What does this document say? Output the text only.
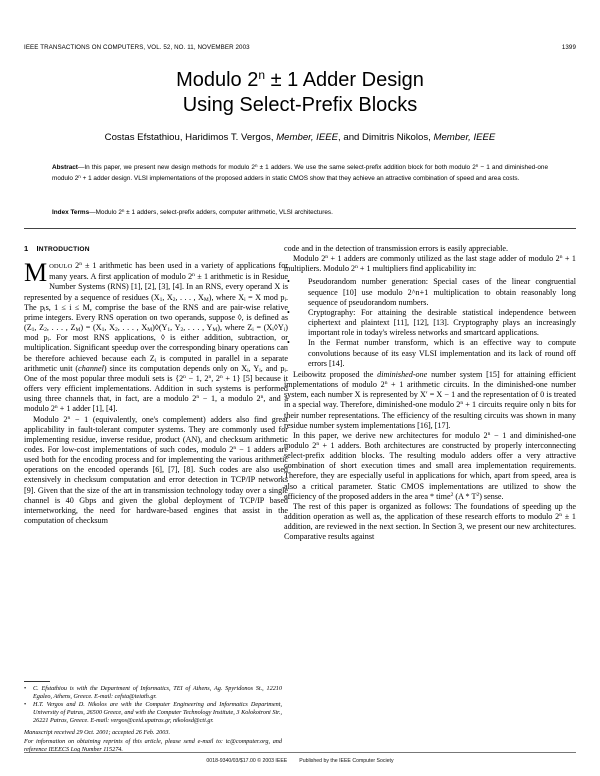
IEEE TRANSACTIONS ON COMPUTERS, VOL. 52, NO. 11, NOVEMBER 2003	1399
Modulo $2^n \pm 1$ Adder Design
Using Select-Prefix Blocks
Costas Efstathiou, Haridimos T. Vergos, Member, IEEE, and Dimitris Nikolos, Member, IEEE
Abstract—In this paper, we present new design methods for modulo $2^n \pm 1$ adders. We use the same select-prefix addition block for both modulo $2^n - 1$ and diminished-one modulo $2^n + 1$ adder design. VLSI implementations of the proposed adders in static CMOS show that they achieve an attractive combination of speed and area costs.
Index Terms—Modulo $2^n \pm 1$ adders, select-prefix adders, computer arithmetic, VLSI architectures.
1 INTRODUCTION

MODULO $2^n \pm 1$ arithmetic has been used in a variety of applications for many years. A first application of modulo $2^n \pm 1$ arithmetic is in Residue Number Systems (RNS) [1], [2], [3], [4]. In an RNS, every operand X is represented by a sequence of residues ($X_1$, $X_2$, . . . , $X_M$), where $X_i = X$ mod $p_i$. The $p_is$, 1 ≤ i ≤ M, comprise the base of the RNS and are pair-wise relative prime integers. Every RNS operation on two operands, suppose ◊, is defined as ($Z_1$, $Z_2$, . . . , $Z_M) = (X_1$, $X_2$, . . . , $X_M)◊(Y_1$, $Y_2$, . . . , $Y_M$), where $Z_i$ = $(X_i◊Y_i)$ mod $p_i$. For most RNS applications, ◊ is either addition, subtraction, or multiplication. Significant speedup over the corresponding binary operations can be therefore achieved because each $Z_i$ is computed in parallel in a separate arithmetic unit (channel) since its computation depends only on $X_i$, $Y_i$, and $p_i$. One of the most popular three moduli sets is {$2^n - 1$, 2$^n$, $2^n + 1$} [5] because it offers very efficient implementations. Addition in such systems is performed using three channels that, in fact, are a modulo $2^n - 1$, a modulo 2$^n$, and a modulo $2^n + 1$ adder [1], [4].

Modulo $2^n - 1$ (equivalently, one's complement) adders also find great applicability in fault-tolerant computer systems. They are commonly used for implementing residue, inverse residue, product (AN), and checksum arithmetic codes. For low-cost implementations of such codes, modulo $2^n - 1$ adders are used both for the encoding process and for implementing the various arithmetic operations on the encoded operands [6], [7], [8]. Such codes are also used extensively in checksum computation and error detection in TCP/IP networks [9]. Given that the size of the art in transmission technology today over a single channel is 40 Gbps and given the global deployment of TCP/IP based internetworking, the need for hardware-based engines that assist in the computation of checksum

code and in the detection of transmission errors is easily appreciable.

Modulo $2^n + 1$ adders are commonly utilized as the last stage adder of modulo $2^n + 1$ multipliers. Modulo $2^n + 1$ multipliers find applicability in:

• Pseudorandom number generation: Special cases of the linear congruential sequence [10] use modulo 2^n+1 multiplication to obtain reasonably long sequence of pseudorandom numbers.
• Cryptography: For attaining the desirable statistical independence between ciphertext and plaintext [11], [12], [13]. Cryptography plays an increasingly important role in today's wireless networks and smartcard applications.
• In the Fermat number transform, which is an effective way to compute convolutions because of its easy VLSI implementation and its lack of round off errors [14].

Leibowitz proposed the diminished-one number system [15] for attaining efficient implementations of modulo $2^n + 1$ arithmetic circuits. In the diminished-one number system, each number X is represented by X′ = X − 1 and the representation of 0 is treated in a special way. Therefore, diminished-one modulo $2^n + 1$ circuits require only n bits for their number representations. The efficiency of the resulting circuits was shown in many residue number system implementations [16], [17].

In this paper, we derive new architectures for modulo $2^n - 1$ and diminished-one modulo $2^n + 1$ adders. Both architectures are constructed by properly interconnecting select-prefix addition blocks. The resulting modulo adders offer a very attractive combination of short execution times and small area implementation requirements. Therefore, they are especially useful in applications for which, apart from speed, area is also a critical parameter. Static CMOS implementations are utilized to show the efficiency of the proposed adders in the area * time$^2$ $(A * T^2)$ sense.

The rest of this paper is organized as follows: The foundations of speeding up the addition operation as well as, the application of these research efforts to modulo $2^n \pm 1$ addition, are reviewed in the next section. In Section 3, we present our new architectures. Comparative results against

• C. Efstathiou is with the Department of Informatics, TEI of Athens, Ag. Spyridonos St., 12210 Egaleo, Athens, Greece. E-mail: cefsta@teiath.gr.
• H.T. Vergos and D. Nikolos are with the Computer Engineering and Informatics Department, University of Patras, 26500 Greece, and with the Computer Technology Institute, 3 Kolokotroni Str., 26221 Patras, Greece. E-mail: vergos@ceid.upatras.gr, nikolosd@cti.gr.
Manuscript received 29 Oct. 2001; accepted 26 Feb. 2003.
For information on obtaining reprints of this article, please send e-mail to: tc@computer.org, and reference IEEECS Log Number 115274.
0018-9340/03/$17.00 © 2003 IEEE Published by the IEEE Computer Society
